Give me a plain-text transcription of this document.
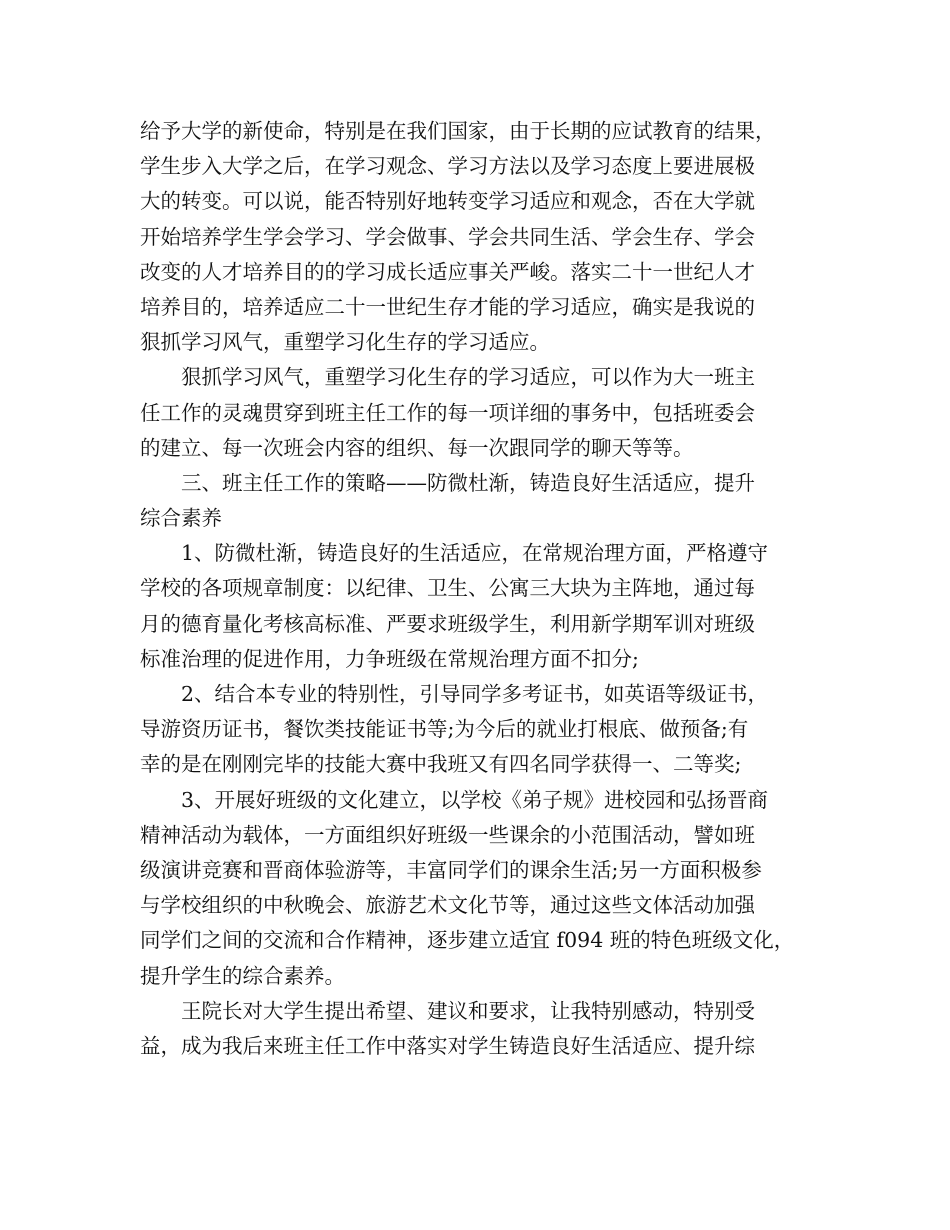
给予大学的新使命，特别是在我们国家，由于长期的应试教育的结果，
学生步入大学之后，在学习观念、学习方法以及学习态度上要进展极
大的转变。可以说，能否特别好地转变学习适应和观念，否在大学就
开始培养学生学会学习、学会做事、学会共同生活、学会生存、学会
改变的人才培养目的的学习成长适应事关严峻。落实二十一世纪人才
培养目的，培养适应二十一世纪生存才能的学习适应，确实是我说的
狠抓学习风气，重塑学习化生存的学习适应。
狠抓学习风气，重塑学习化生存的学习适应，可以作为大一班主
任工作的灵魂贯穿到班主任工作的每一项详细的事务中，包括班委会
的建立、每一次班会内容的组织、每一次跟同学的聊天等等。
三、班主任工作的策略——防微杜渐，铸造良好生活适应，提升
综合素养
1、防微杜渐，铸造良好的生活适应，在常规治理方面，严格遵守
学校的各项规章制度：以纪律、卫生、公寓三大块为主阵地，通过每
月的德育量化考核高标准、严要求班级学生，利用新学期军训对班级
标准治理的促进作用，力争班级在常规治理方面不扣分;
2、结合本专业的特别性，引导同学多考证书，如英语等级证书，
导游资历证书，餐饮类技能证书等;为今后的就业打根底、做预备;有
幸的是在刚刚完毕的技能大赛中我班又有四名同学获得一、二等奖;
3、开展好班级的文化建立，以学校《弟子规》进校园和弘扬晋商
精神活动为载体，一方面组织好班级一些课余的小范围活动，譬如班
级演讲竞赛和晋商体验游等，丰富同学们的课余生活;另一方面积极参
与学校组织的中秋晚会、旅游艺术文化节等，通过这些文体活动加强
同学们之间的交流和合作精神，逐步建立适宜 f094 班的特色班级文化，
提升学生的综合素养。
王院长对大学生提出希望、建议和要求，让我特别感动，特别受
益，成为我后来班主任工作中落实对学生铸造良好生活适应、提升综
